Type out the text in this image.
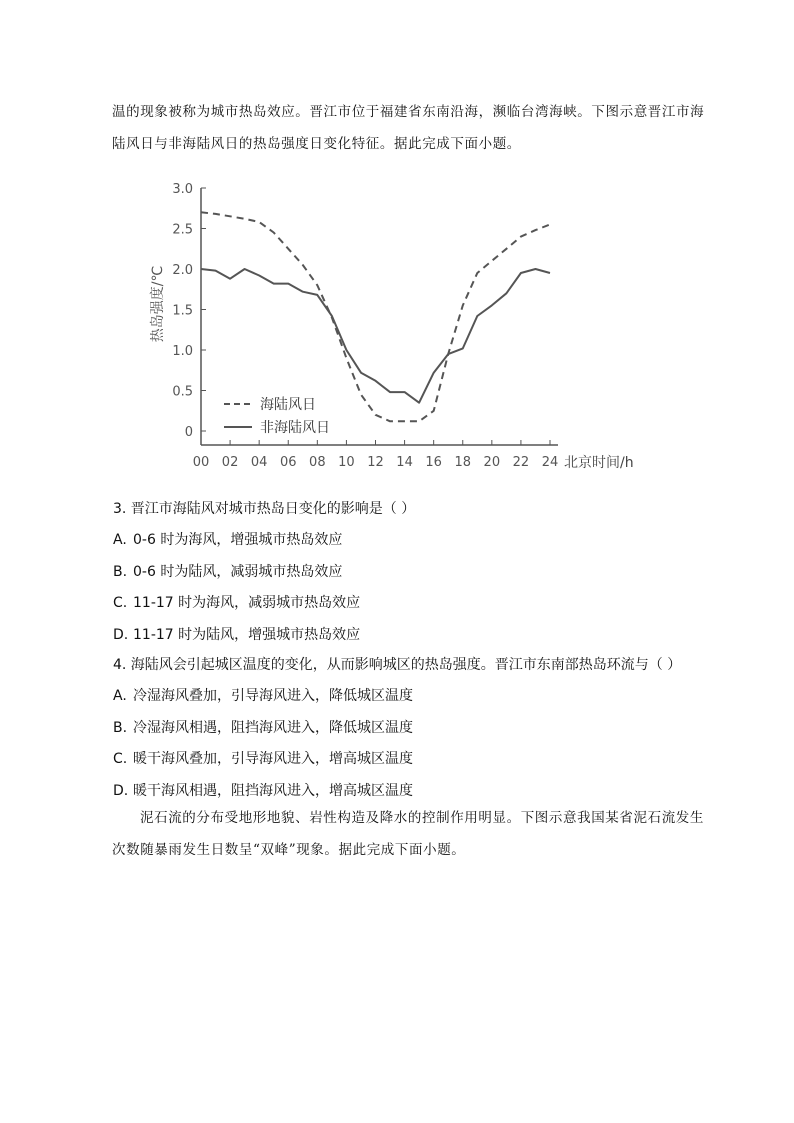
温的现象被称为城市热岛效应。晋江市位于福建省东南沿海，濒临台湾海峡。下图示意晋江市海
陆风日与非海陆风日的热岛强度日变化特征。据此完成下面小题。
0
0.5
1.0
1.5
2.0
2.5
3.0
00 02 04 06 08 10 12 14 16 18 20 22 24
热岛强度/℃
北京时间/h
海陆风日
非海陆风日
3. 晋江市海陆风对城市热岛日变化的影响是（ ）
A. 0-6 时为海风，增强城市热岛效应
B. 0-6 时为陆风，减弱城市热岛效应
C. 11-17 时为海风，减弱城市热岛效应
D. 11-17 时为陆风，增强城市热岛效应
4. 海陆风会引起城区温度的变化，从而影响城区的热岛强度。晋江市东南部热岛环流与（ ）
A. 冷湿海风叠加，引导海风进入，降低城区温度
B. 冷湿海风相遇，阻挡海风进入，降低城区温度
C. 暖干海风叠加，引导海风进入，增高城区温度
D. 暖干海风相遇，阻挡海风进入，增高城区温度
泥石流的分布受地形地貌、岩性构造及降水的控制作用明显。下图示意我国某省泥石流发生
次数随暴雨发生日数呈“双峰”现象。据此完成下面小题。
